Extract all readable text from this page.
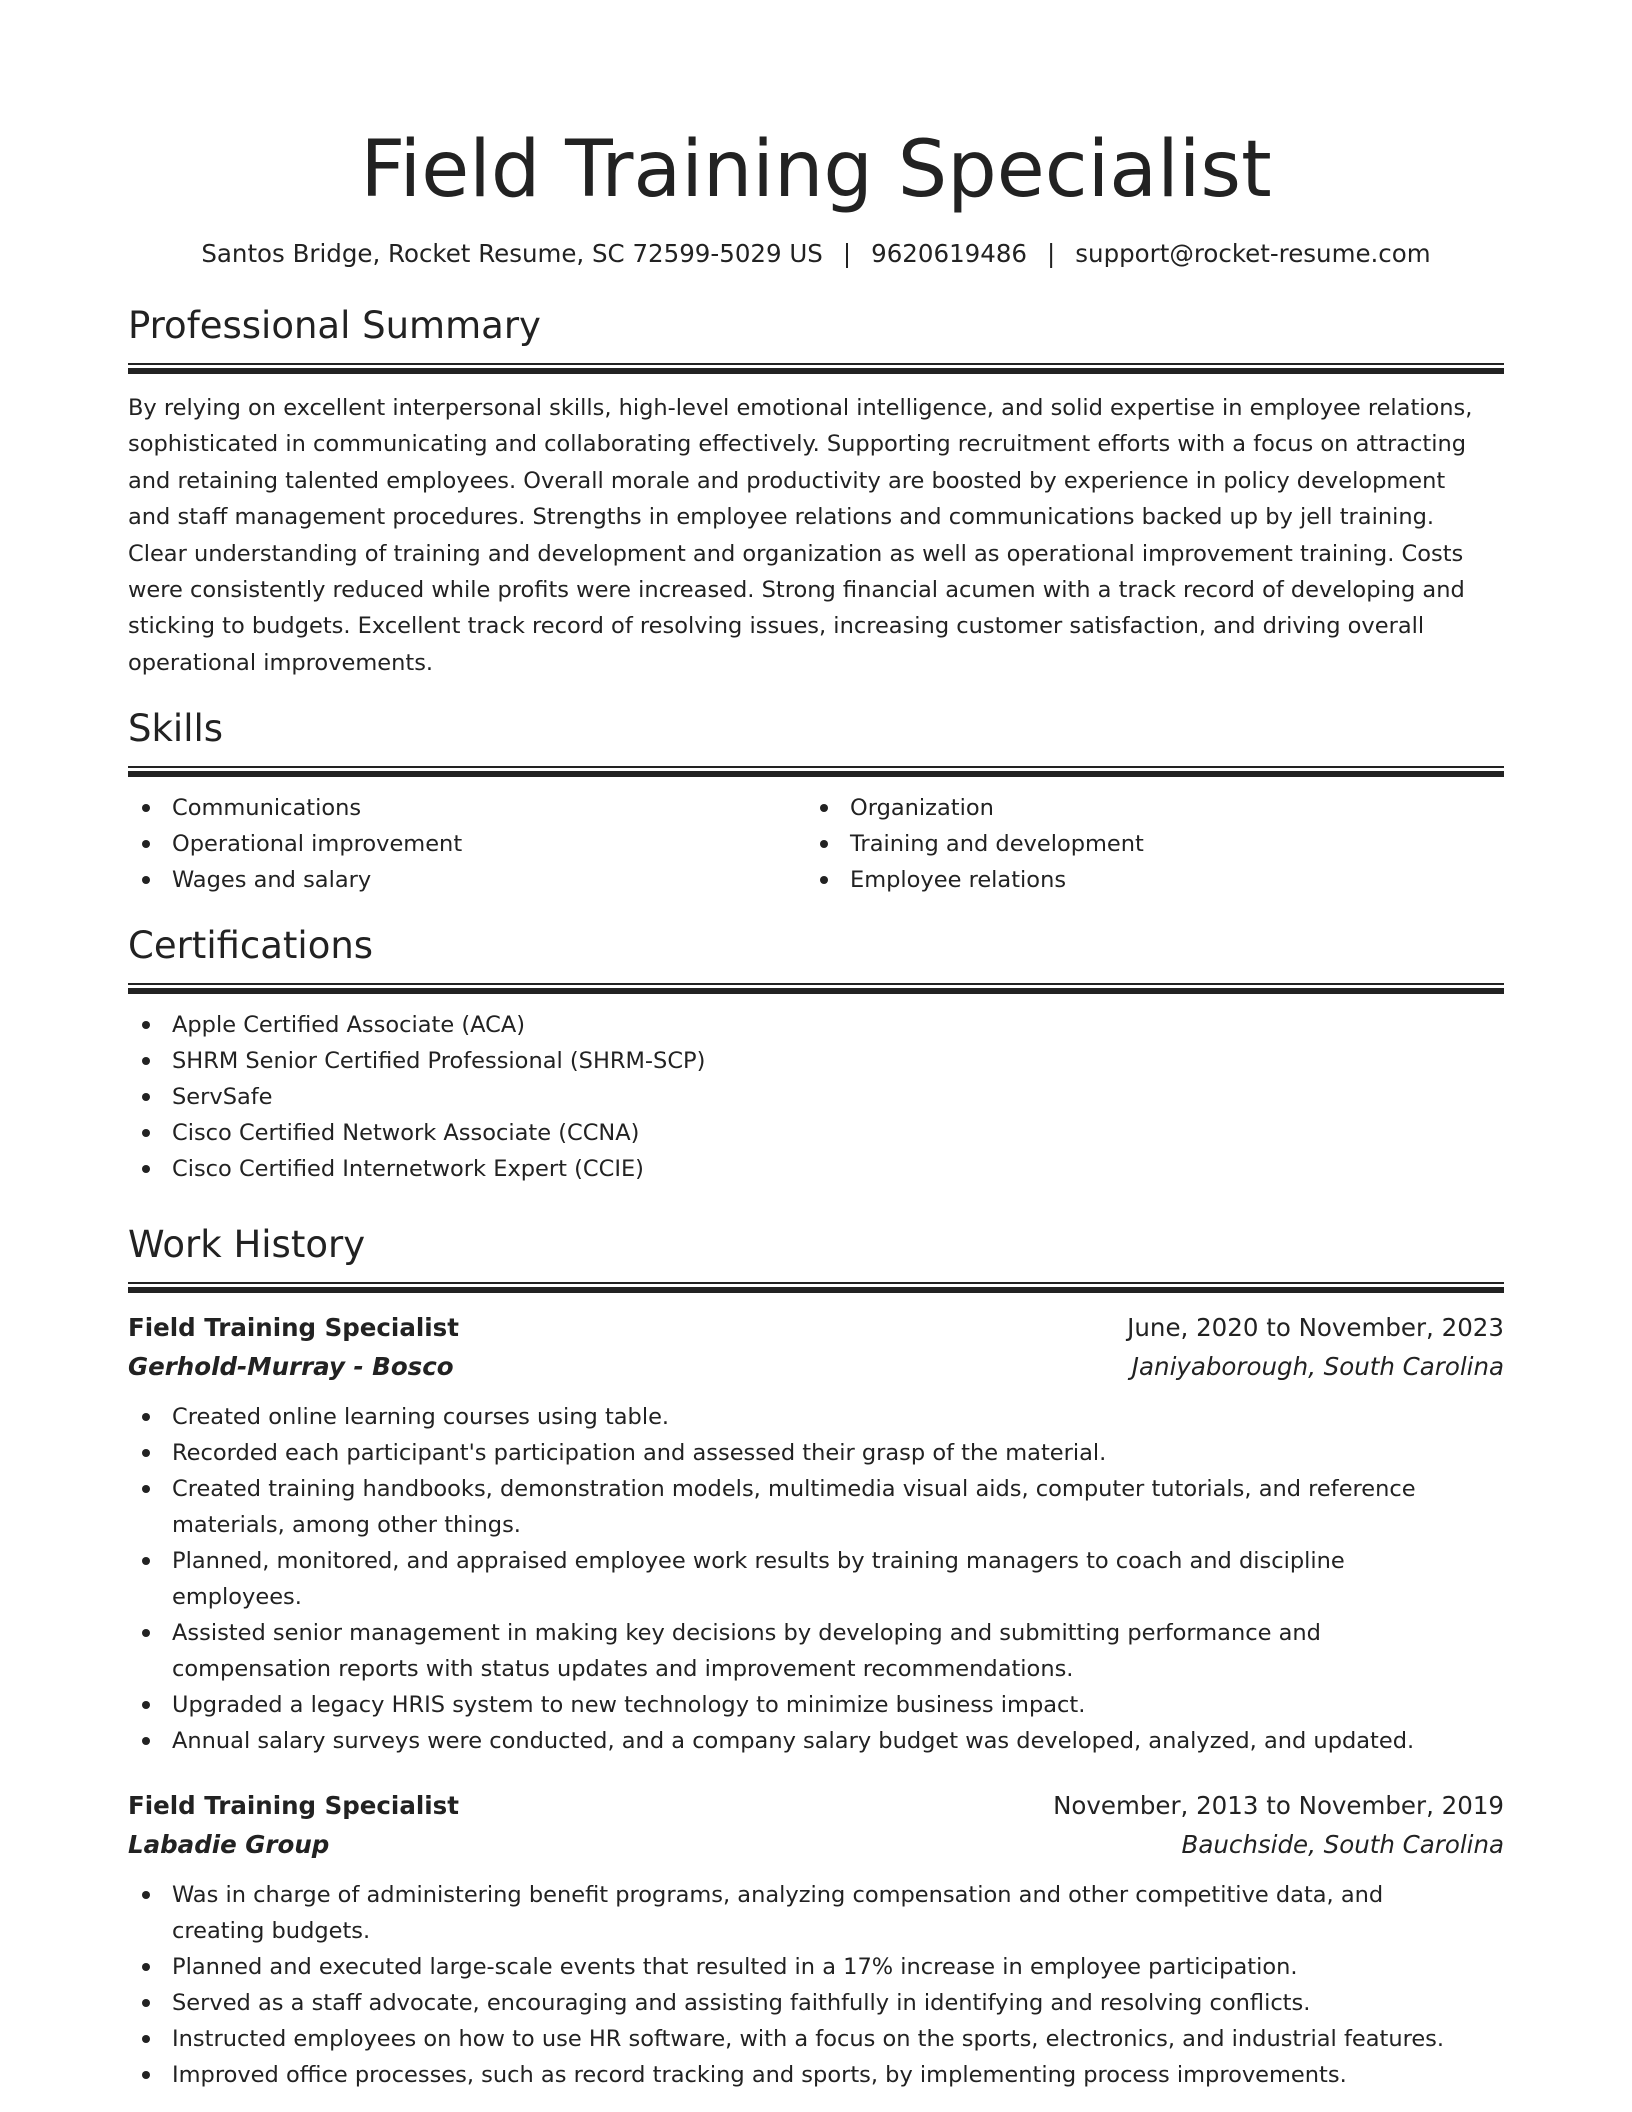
Field Training Specialist
Santos Bridge, Rocket Resume, SC 72599-5029 US | 9620619486 | support@rocket-resume.com
Professional Summary
By relying on excellent interpersonal skills, high-level emotional intelligence, and solid expertise in employee relations,
sophisticated in communicating and collaborating effectively. Supporting recruitment efforts with a focus on attracting
and retaining talented employees. Overall morale and productivity are boosted by experience in policy development
and staff management procedures. Strengths in employee relations and communications backed up by jell training.
Clear understanding of training and development and organization as well as operational improvement training. Costs
were consistently reduced while profits were increased. Strong financial acumen with a track record of developing and
sticking to budgets. Excellent track record of resolving issues, increasing customer satisfaction, and driving overall
operational improvements.
Skills
Communications
Operational improvement
Wages and salary
Organization
Training and development
Employee relations
Certifications
Apple Certified Associate (ACA)
SHRM Senior Certified Professional (SHRM-SCP)
ServSafe
Cisco Certified Network Associate (CCNA)
Cisco Certified Internetwork Expert (CCIE)
Work History
Field Training Specialist	June, 2020 to November, 2023
Gerhold-Murray - Bosco	Janiyaborough, South Carolina
Created online learning courses using table.
Recorded each participant's participation and assessed their grasp of the material.
Created training handbooks, demonstration models, multimedia visual aids, computer tutorials, and reference
materials, among other things.
Planned, monitored, and appraised employee work results by training managers to coach and discipline
employees.
Assisted senior management in making key decisions by developing and submitting performance and
compensation reports with status updates and improvement recommendations.
Upgraded a legacy HRIS system to new technology to minimize business impact.
Annual salary surveys were conducted, and a company salary budget was developed, analyzed, and updated.
Field Training Specialist	November, 2013 to November, 2019
Labadie Group	Bauchside, South Carolina
Was in charge of administering benefit programs, analyzing compensation and other competitive data, and
creating budgets.
Planned and executed large-scale events that resulted in a 17% increase in employee participation.
Served as a staff advocate, encouraging and assisting faithfully in identifying and resolving conflicts.
Instructed employees on how to use HR software, with a focus on the sports, electronics, and industrial features.
Improved office processes, such as record tracking and sports, by implementing process improvements.
